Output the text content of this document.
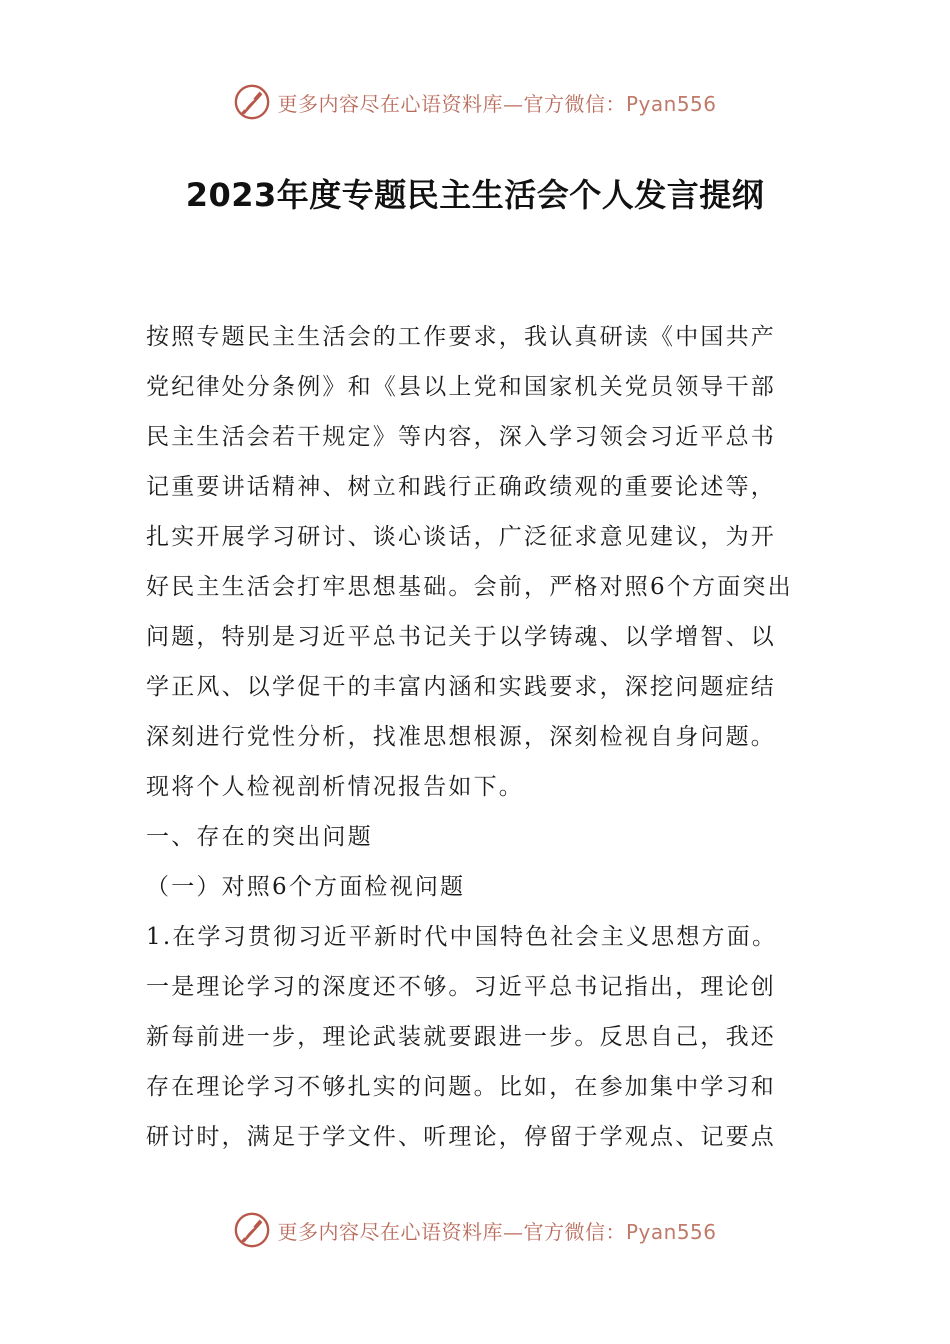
更多内容尽在心语资料库—官方微信：Pyan556
2023年度专题民主生活会个人发言提纲
按照专题民主生活会的工作要求，我认真研读《中国共产
党纪律处分条例》和《县以上党和国家机关党员领导干部
民主生活会若干规定》等内容，深入学习领会习近平总书
记重要讲话精神、树立和践行正确政绩观的重要论述等，
扎实开展学习研讨、谈心谈话，广泛征求意见建议，为开
好民主生活会打牢思想基础。会前，严格对照6个方面突出
问题，特别是习近平总书记关于以学铸魂、以学增智、以
学正风、以学促干的丰富内涵和实践要求，深挖问题症结
深刻进行党性分析，找准思想根源，深刻检视自身问题。
现将个人检视剖析情况报告如下。
一、存在的突出问题
（一）对照6个方面检视问题
1.在学习贯彻习近平新时代中国特色社会主义思想方面。
一是理论学习的深度还不够。习近平总书记指出，理论创
新每前进一步，理论武装就要跟进一步。反思自己，我还
存在理论学习不够扎实的问题。比如，在参加集中学习和
研讨时，满足于学文件、听理论，停留于学观点、记要点
更多内容尽在心语资料库—官方微信：Pyan556
